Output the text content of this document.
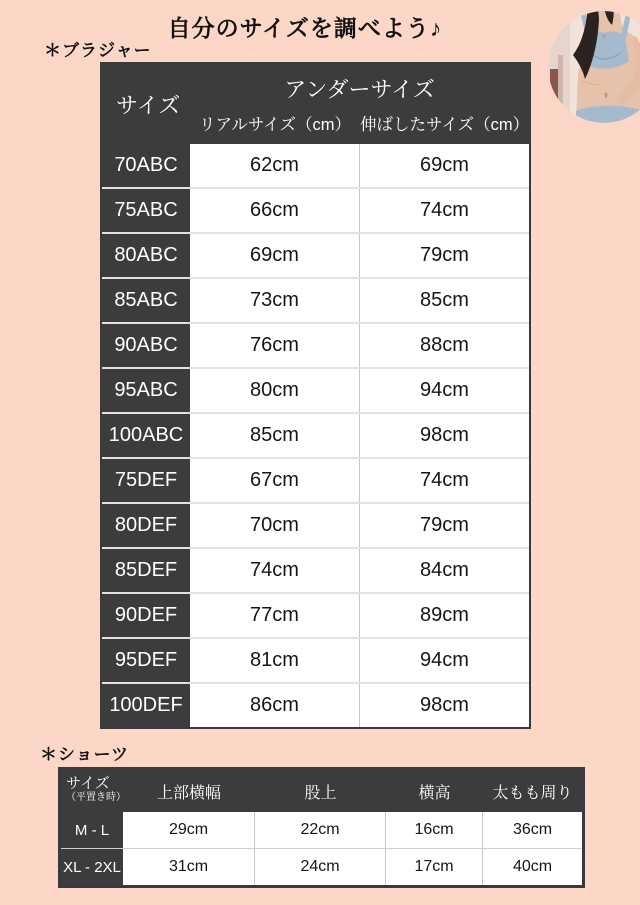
自分のサイズを調べよう♪
＊ブラジャー
サイズ
アンダーサイズ
リアルサイズ（cm） 伸ばしたサイズ（cm）
70ABC	62cm	69cm
75ABC	66cm	74cm
80ABC	69cm	79cm
85ABC	73cm	85cm
90ABC	76cm	88cm
95ABC	80cm	94cm
100ABC	85cm	98cm
75DEF	67cm	74cm
80DEF	70cm	79cm
85DEF	74cm	84cm
90DEF	77cm	89cm
95DEF	81cm	94cm
100DEF	86cm	98cm
＊ショーツ
サイズ
（平置き時）	上部横幅	股上	横高	太もも周り
M - L	29cm	22cm	16cm	36cm
XL - 2XL	31cm	24cm	17cm	40cm
